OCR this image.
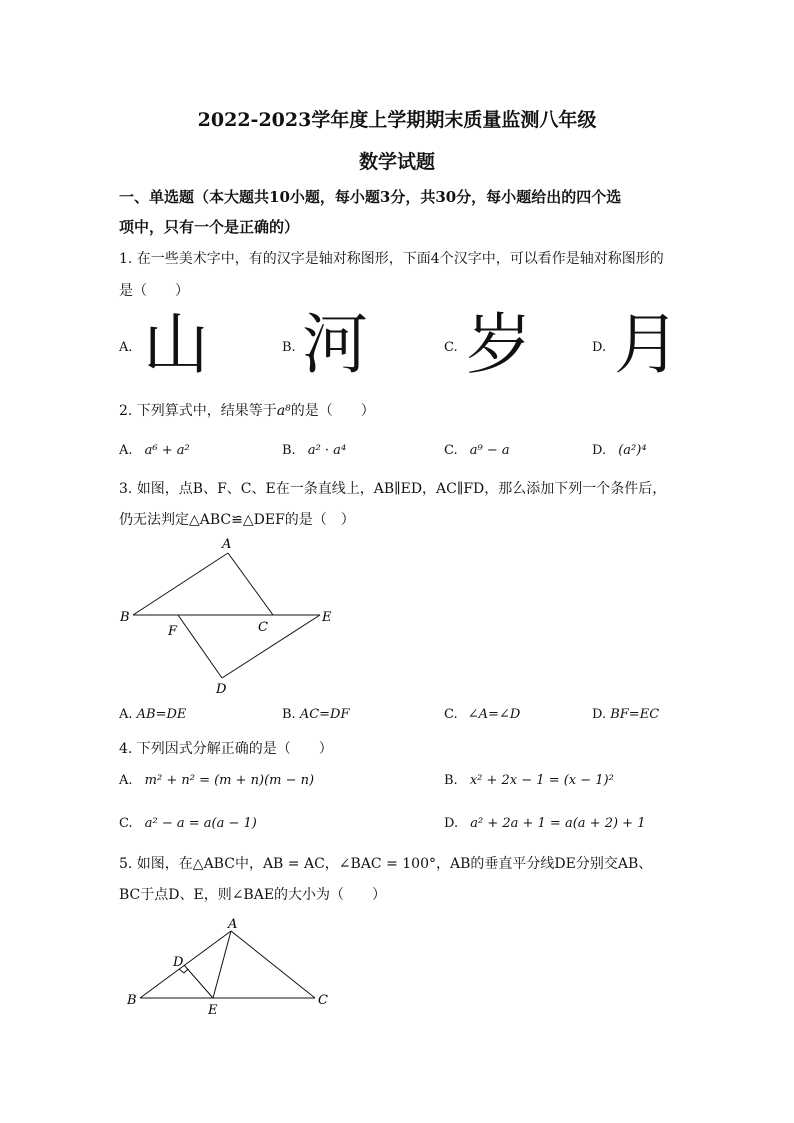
2022-2023学年度上学期期末质量监测八年级
数学试题
一、单选题（本大题共10小题，每小题3分，共30分，每小题给出的四个选
项中，只有一个是正确的）
1. 在一些美术字中，有的汉字是轴对称图形，下面4个汉字中，可以看作是轴对称图形的
是（　　）
A. 山	B. 河	C. 岁	D. 月
2. 下列算式中，结果等于a⁸的是（　　）
A. a⁶ + a²	B. a² · a⁴	C. a⁹ − a	D. (a²)⁴
3. 如图，点B、F、C、E在一条直线上，AB∥ED，AC∥FD，那么添加下列一个条件后，
仍无法判定△ABC≌△DEF的是（　）
A
B
C
D
E
F
A. AB=DE	B. AC=DF	C. ∠A=∠D	D. BF=EC
4. 下列因式分解正确的是（　　）
A. m² + n² = (m + n)(m − n)	B. x² + 2x − 1 = (x − 1)²
C. a² − a = a(a − 1)	D. a² + 2a + 1 = a(a + 2) + 1
5. 如图，在△ABC中，AB = AC，∠BAC = 100°，AB的垂直平分线DE分别交AB、
BC于点D、E，则∠BAE的大小为（　　）
A
B	C
D
E
